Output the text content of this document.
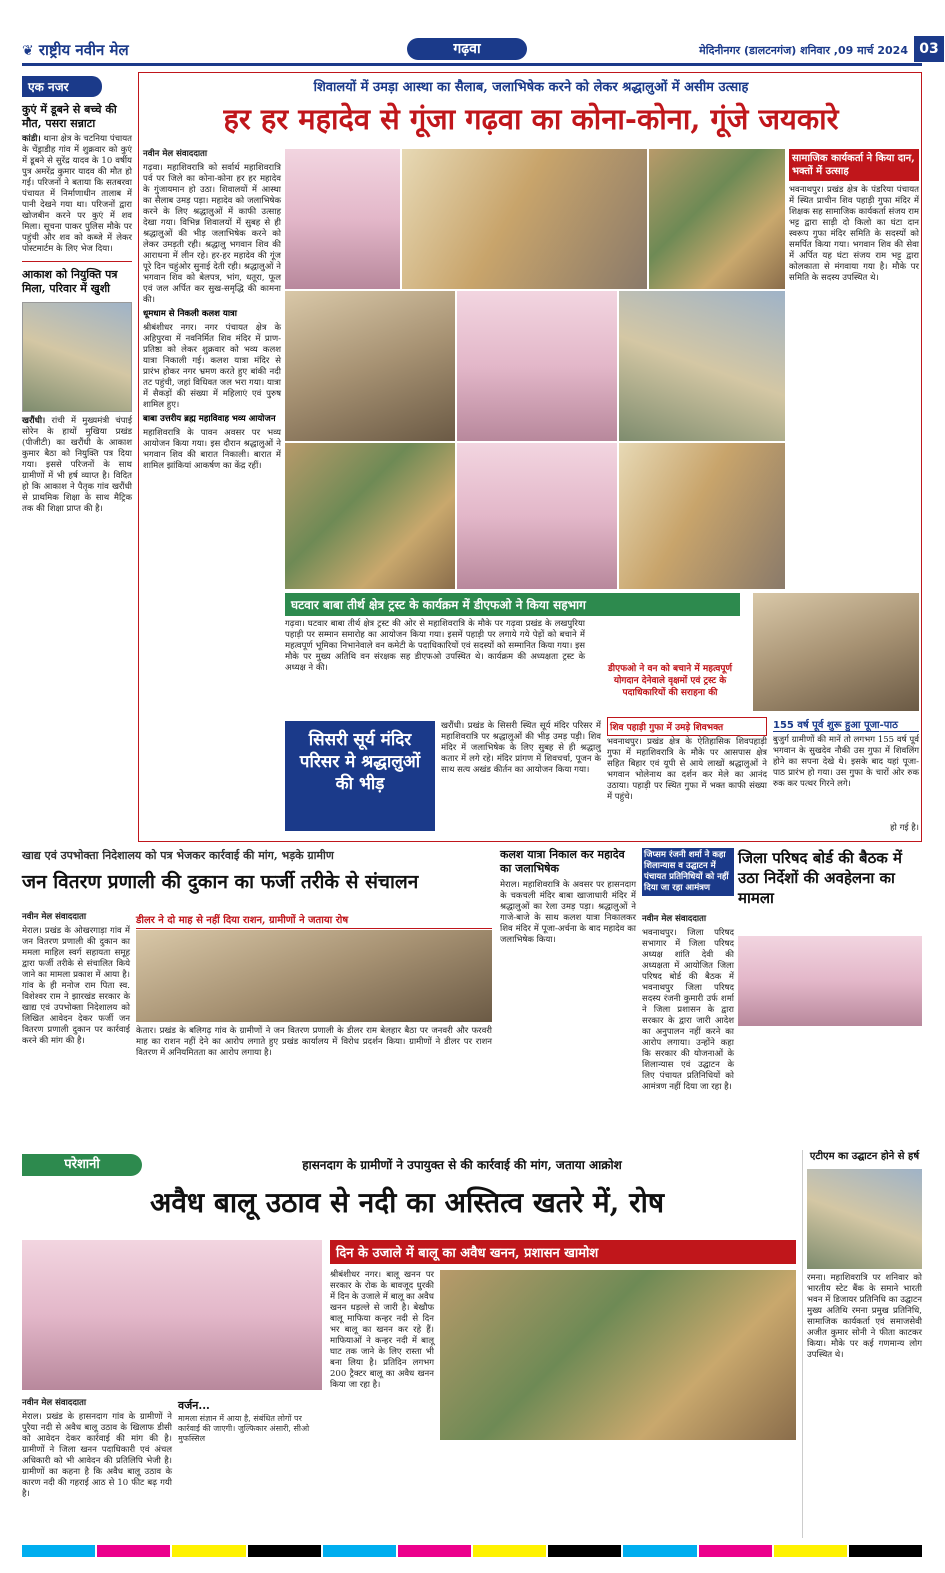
❦ राष्ट्रीय नवीन मेल	गढ़वा	मेदिनीनगर (डालटनगंज) शनिवार ,09 मार्च 2024 03
एक नजर
कुएं में डूबने से बच्चे की मौत, पसरा सन्नाटा
कांडी। थाना क्षेत्र के चटनिया पंचायत के चेंड्राडीह गांव में शुक्रवार को कुएं में डूबने से सुरेंद्र यादव के 10 वर्षीय पुत्र अमरेंद्र कुमार यादव की मौत हो गई। परिजनों ने बताया कि सतबरवा पंचायत में निर्माणाधीन तालाब में पानी देखने गया था। परिजनों द्वारा खोजबीन करने पर कुएं में शव मिला। सूचना पाकर पुलिस मौके पर पहुंची और शव को कब्जे में लेकर पोस्टमार्टम के लिए भेज दिया।
आकाश को नियुक्ति पत्र मिला, परिवार में खुशी
खरौंधी। रांची में मुख्यमंत्री चंपाई सोरेन के हाथों मुखिया प्रखंड (पीजीटी) का खरौंधी के आकाश कुमार बैठा को नियुक्ति पत्र दिया गया। इससे परिजनों के साथ ग्रामीणों में भी हर्ष व्याप्त है। विदित हो कि आकाश ने पैतृक गांव खरौंधी से प्राथमिक शिक्षा के साथ मैट्रिक तक की शिक्षा प्राप्त की है।
शिवालयों में उमड़ा आस्था का सैलाब, जलाभिषेक करने को लेकर श्रद्धालुओं में असीम उत्साह
हर हर महादेव से गूंजा गढ़वा का कोना-कोना, गूंजे जयकारे

नवीन मेल संवाददाता

गढ़वा। महाशिवरात्रि को सर्वार्थ महाशिवरात्रि पर्व पर जिले का कोना-कोना हर हर महादेव के गुंजायमान हो उठा। शिवालयों में आस्था का सैलाब उमड़ पड़ा। महादेव को जलाभिषेक करने के लिए श्रद्धालुओं में काफी उत्साह देखा गया। विभिन्न शिवालयों में सुबह से ही श्रद्धालुओं की भीड़ जलाभिषेक करने को लेकर उमड़ती रही। श्रद्धालु भगवान शिव की आराधना में लीन रहे। हर-हर महादेव की गूंज पूरे दिन चहुंओर सुनाई देती रही। श्रद्धालुओं ने भगवान शिव को बेलपत्र, भांग, धतूरा, फूल एवं जल अर्पित कर सुख-समृद्धि की कामना की।

धूमधाम से निकली कलश यात्रा

श्रीबंशीधर नगर। नगर पंचायत क्षेत्र के अहिपुरवा में नवनिर्मित शिव मंदिर में प्राण-प्रतिष्ठा को लेकर शुक्रवार को भव्य कलश यात्रा निकाली गई। कलश यात्रा मंदिर से प्रारंभ होकर नगर भ्रमण करते हुए बांकी नदी तट पहुंची, जहां विधिवत जल भरा गया। यात्रा में सैकड़ों की संख्या में महिलाएं एवं पुरुष शामिल हुए।

बाबा उत्तरीय ब्रह्म महाविवाह भव्य आयोजन

महाशिवरात्रि के पावन अवसर पर भव्य आयोजन किया गया। इस दौरान श्रद्धालुओं ने भगवान शिव की बारात निकाली। बारात में शामिल झांकियां आकर्षण का केंद्र रहीं।

सामाजिक कार्यकर्ता ने किया दान, भक्तों में उत्साह
भवनाथपुर। प्रखंड क्षेत्र के पंडरिया पंचायत में स्थित प्राचीन शिव पहाड़ी गुफा मंदिर में शिक्षक सह सामाजिक कार्यकर्ता संजय राम भट्ट द्वारा साड़ी दो किलो का घंटा दान स्वरूप गुफा मंदिर समिति के सदस्यों को समर्पित किया गया। भगवान शिव की सेवा में अर्पित यह घंटा संजय राम भट्ट द्वारा कोलकाता से मंगवाया गया है। मौके पर समिति के सदस्य उपस्थित थे।
घटवार बाबा तीर्थ क्षेत्र ट्रस्ट के कार्यक्रम में डीएफओ ने किया सहभाग
गढ़वा। घटवार बाबा तीर्थ क्षेत्र ट्रस्ट की ओर से महाशिवरात्रि के मौके पर गढ़वा प्रखंड के लखपुरिया पहाड़ी पर सम्मान समारोह का आयोजन किया गया। इसमें पहाड़ी पर लगाये गये पेड़ों को बचाने में महत्वपूर्ण भूमिका निभानेवाले वन कमेटी के पदाधिकारियों एवं सदस्यों को सम्मानित किया गया। इस मौके पर मुख्य अतिथि वन संरक्षक सह डीएफओ उपस्थित थे। कार्यक्रम की अध्यक्षता ट्रस्ट के अध्यक्ष ने की।	डीएफओ ने वन को बचाने में महत्वपूर्ण योगदान देनेवाले वृक्षमों एवं ट्रस्ट के पदाधिकारियों की सराहना की
सिसरी सूर्य मंदिर परिसर मे श्रद्धालुओं की भीड़
खरौंधी। प्रखंड के सिसरी स्थित सूर्य मंदिर परिसर में महाशिवरात्रि पर श्रद्धालुओं की भीड़ उमड़ पड़ी। शिव मंदिर में जलाभिषेक के लिए सुबह से ही श्रद्धालु कतार में लगे रहे। मंदिर प्रांगण में शिवचर्चा, पूजन के साथ सत्य अखंड कीर्तन का आयोजन किया गया।
शिव पहाड़ी गुफा में उमड़े शिवभक्त
भवनाथपुर। प्रखंड क्षेत्र के ऐतिहासिक शिवपहाड़ी गुफा में महाशिवरात्रि के मौके पर आसपास क्षेत्र सहित बिहार एवं यूपी से आये लाखों श्रद्धालुओं ने भगवान भोलेनाथ का दर्शन कर मेले का आनंद उठाया। पहाड़ी पर स्थित गुफा में भक्त काफी संख्या में पहुंचे।
155 वर्ष पूर्व शुरू हुआ पूजा-पाठ
बुजुर्ग ग्रामीणों की मानें तो लगभग 155 वर्ष पूर्व भगवान के सुखदेव नौकी उस गुफा में शिवलिंग होने का सपना देखे थे। इसके बाद यहां पूजा-पाठ प्रारंभ हो गया। उस गुफा के चारों ओर रुक रुक कर पत्थर गिरने लगे।
हो गई है।
खाद्य एवं उपभोक्ता निदेशालय को पत्र भेजकर कार्रवाई की मांग, भड़के ग्रामीण
जन वितरण प्रणाली की दुकान का फर्जी तरीके से संचालन

नवीन मेल संवाददाता

मेराल। प्रखंड के ओखरगाड़ा गांव में जन वितरण प्रणाली की दुकान का ममला माहिल स्वर्ग सहायता समूह द्वारा फर्जी तरीके से संचालित किये जाने का मामला प्रकाश में आया है। गांव के ही मनोज राम पिता स्व. विशेश्वर राम ने झारखंड सरकार के खाद्य एवं उपभोक्ता निदेशालय को लिखित आवेदन देकर फर्जी जन वितरण प्रणाली दुकान पर कार्रवाई करने की मांग की है।

डीलर ने दो माह से नहीं दिया राशन, ग्रामीणों ने जताया रोष
केतार। प्रखंड के बलिगढ़ गांव के ग्रामीणों ने जन वितरण प्रणाली के डीलर राम बेलहार बैठा पर जनवरी और फरवरी माह का राशन नहीं देने का आरोप लगाते हुए प्रखंड कार्यालय में विरोध प्रदर्शन किया। ग्रामीणों ने डीलर पर राशन वितरण में अनियमितता का आरोप लगाया है।
कलश यात्रा निकाल कर महादेव का जलाभिषेक
मेराल। महाशिवरात्रि के अवसर पर हासनदाग के चकचली मंदिर बाबा खाजाधारी मंदिर में श्रद्धालुओं का रेला उमड़ पड़ा। श्रद्धालुओं ने गाजे-बाजे के साथ कलश यात्रा निकालकर शिव मंदिर में पूजा-अर्चना के बाद महादेव का जलाभिषेक किया।
जिप्सम रंजनी शर्मा ने कहा शिलान्यास व उद्घाटन में पंचायत प्रतिनिधियों को नहीं दिया जा रहा आमंत्रण
जिला परिषद बोर्ड की बैठक में उठा निर्देशों की अवहेलना का मामला

नवीन मेल संवाददाता

भवनाथपुर। जिला परिषद सभागार में जिला परिषद अध्यक्ष शांति देवी की अध्यक्षता में आयोजित जिला परिषद बोर्ड की बैठक में भवनाथपुर जिला परिषद सदस्य रंजनी कुमारी उर्फ शर्मा ने जिला प्रशासन के द्वारा सरकार के द्वारा जारी आदेश का अनुपालन नहीं करने का आरोप लगाया। उन्होंने कहा कि सरकार की योजनाओं के शिलान्यास एवं उद्घाटन के लिए पंचायत प्रतिनिधियों को आमंत्रण नहीं दिया जा रहा है।

परेशानी	हासनदाग के ग्रामीणों ने उपायुक्त से की कार्रवाई की मांग, जताया आक्रोश
अवैध बालू उठाव से नदी का अस्तित्व खतरे में, रोष

नवीन मेल संवाददाता

मेराल। प्रखंड के हासनदाग गांव के ग्रामीणों ने पुरैया नदी से अवैध बालू उठाव के खिलाफ डीसी को आवेदन देकर कार्रवाई की मांग की है। ग्रामीणों ने जिला खनन पदाधिकारी एवं अंचल अधिकारी को भी आवेदन की प्रतिलिपि भेजी है। ग्रामीणों का कहना है कि अवैध बालू उठाव के कारण नदी की गहराई आठ से 10 फीट बढ़ गयी है।

वर्जन...
मामला संज्ञान में आया है, संबंधित लोगों पर कार्रवाई की जाएगी। जुल्फिकार अंसारी, सीओ मुफस्सिल
दिन के उजाले में बालू का अवैध खनन, प्रशासन खामोश
श्रीबंशीधर नगर। बालू खनन पर सरकार के रोक के बावजूद धुरकी में दिन के उजाले में बालू का अवैध खनन धड़ल्ले से जारी है। बेखौफ बालू माफिया कन्हर नदी से दिन भर बालू का खनन कर रहे हैं। माफियाओं ने कन्हर नदी में बालू घाट तक जाने के लिए रास्ता भी बना लिया है। प्रतिदिन लगभग 200 ट्रैक्टर बालू का अवैध खनन किया जा रहा है।
एटीएम का उद्घाटन होने से हर्ष
रमना। महाशिवरात्रि पर शनिवार को भारतीय स्टेट बैंक के समाने भारती भवन में डिजायर प्रतिनिधि का उद्घाटन मुख्य अतिथि रमना प्रमुख प्रतिनिधि, सामाजिक कार्यकर्ता एवं समाजसेवी अजीत कुमार सोनी ने फीता काटकर किया। मौके पर कई गणमान्य लोग उपस्थित थे।
